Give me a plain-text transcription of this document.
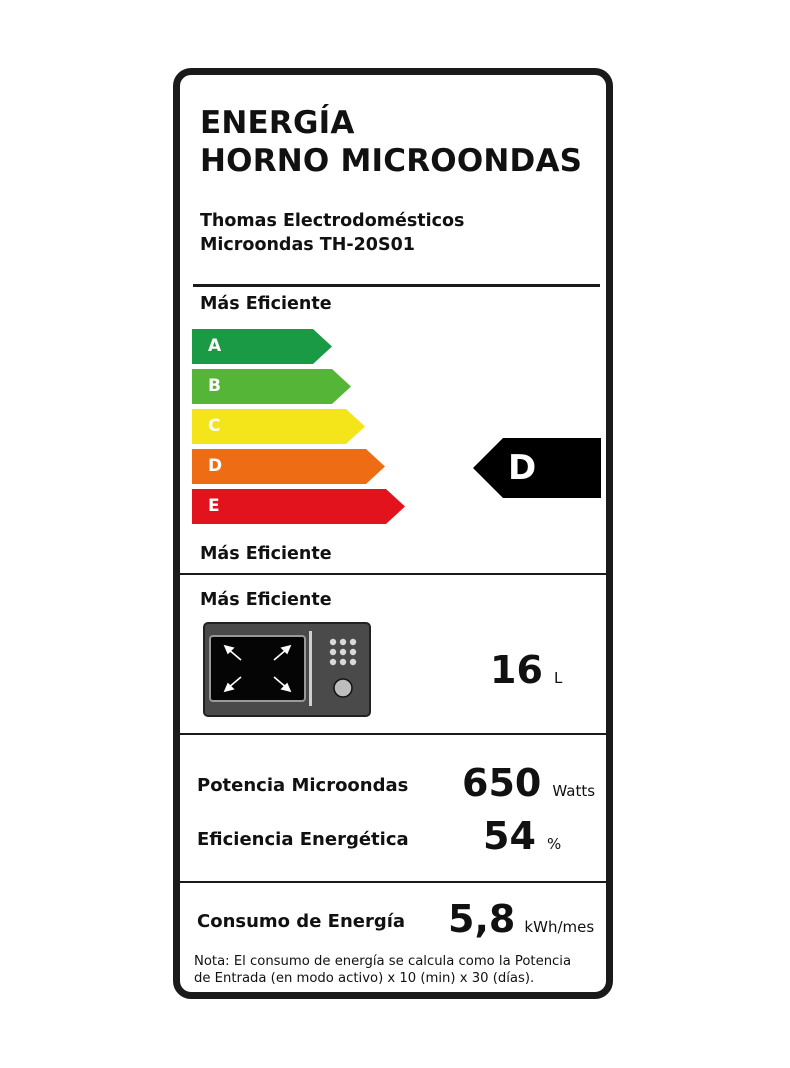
ENERGÍA
HORNO MICROONDAS
Thomas Electrodomésticos
Microondas TH-20S01
Más Eficiente
A
B
C
D
E
D
Más Eficiente
Más Eficiente
16 L
Potencia Microondas 650 Watts
Eficiencia Energética 54 %
Consumo de Energía 5,8 kWh/mes
Nota: El consumo de energía se calcula como la Potencia
de Entrada (en modo activo) x 10 (min) x 30 (días).
